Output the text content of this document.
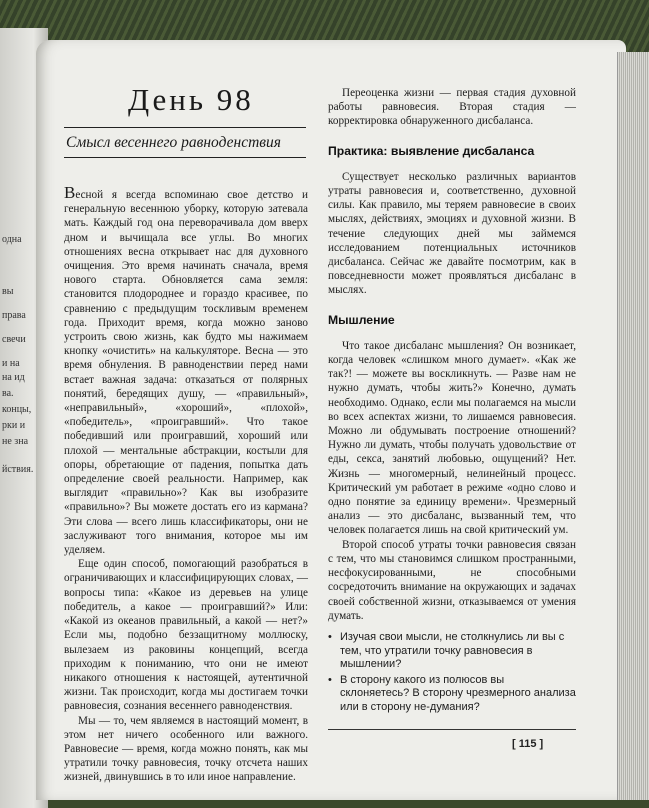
одна
вы
права
свечи
и на
на ид
ва.
концы,
рки и
не зна
йствия.
День 98
Смысл весеннего равноденствия

Весной я всегда вспоминаю свое детство и генеральную весеннюю уборку, которую затевала мать. Каждый год она переворачивала дом вверх дном и вычищала все углы. Во многих отношениях весна открывает нас для духовного очищения. Это время начинать сначала, время нового старта. Обновляется сама земля: становится плодороднее и гораздо красивее, по сравнению с предыдущим тоскливым временем года. Приходит время, когда можно заново устроить свою жизнь, как будто мы нажимаем кнопку «очистить» на калькуляторе. Весна — это время обнуления. В равноденствии перед нами встает важная задача: отказаться от полярных понятий, бередящих душу, — «правильный», «неправильный», «хороший», «плохой», «победитель», «проигравший». Что такое победивший или проигравший, хороший или плохой — ментальные абстракции, костыли для опоры, обретающие от падения, попытка дать определение своей реальности. Например, как выглядит «правильно»? Как вы изобразите «правильно»? Вы можете достать его из кармана? Эти слова — всего лишь классификаторы, они не заслуживают того внимания, которое мы им уделяем.

Еще один способ, помогающий разобраться в ограничивающих и классифицирующих словах, — вопросы типа: «Какое из деревьев на улице победитель, а какое — проигравший?» Или: «Какой из океанов правильный, а какой — нет?» Если мы, подобно беззащитному моллюску, вылезаем из раковины концепций, всегда приходим к пониманию, что они не имеют никакого отношения к настоящей, аутентичной жизни. Так происходит, когда мы достигаем точки равновесия, сознания весеннего равноденствия.

Мы — то, чем являемся в настоящий момент, в этом нет ничего особенного или важного. Равновесие — время, когда можно понять, как мы утратили точку равновесия, точку отсчета наших жизней, двинувшись в то или иное направление.

Переоценка жизни — первая стадия духовной работы равновесия. Вторая стадия — корректировка обнаруженного дисбаланса.

Практика: выявление дисбаланса

Существует несколько различных вариантов утраты равновесия и, соответственно, духовной силы. Как правило, мы теряем равновесие в своих мыслях, действиях, эмоциях и духовной жизни. В течение следующих дней мы займемся исследованием потенциальных источников дисбаланса. Сейчас же давайте посмотрим, как в повседневности может проявляться дисбаланс в мыслях.

Мышление

Что такое дисбаланс мышления? Он возникает, когда человек «слишком много думает». «Как же так?! — можете вы воскликнуть. — Разве нам не нужно думать, чтобы жить?» Конечно, думать необходимо. Однако, если мы полагаемся на мысли во всех аспектах жизни, то лишаемся равновесия. Можно ли обдумывать построение отношений? Нужно ли думать, чтобы получать удовольствие от еды, секса, занятий любовью, ощущений? Нет. Жизнь — многомерный, нелинейный процесс. Критический ум работает в режиме «одно слово и одно понятие за единицу времени». Чрезмерный анализ — это дисбаланс, вызванный тем, что человек полагается лишь на свой критический ум.

Второй способ утраты точки равновесия связан с тем, что мы становимся слишком пространными, несфокусированными, не способными сосредоточить внимание на окружающих и задачах своей собственной жизни, отказываемся от умения думать.

• Изучая свои мысли, не столкнулись ли вы с тем, что утратили точку равновесия в мышлении?
• В сторону какого из полюсов вы склоняетесь? В сторону чрезмерного анализа или в сторону не-думания?
[ 115 ]
